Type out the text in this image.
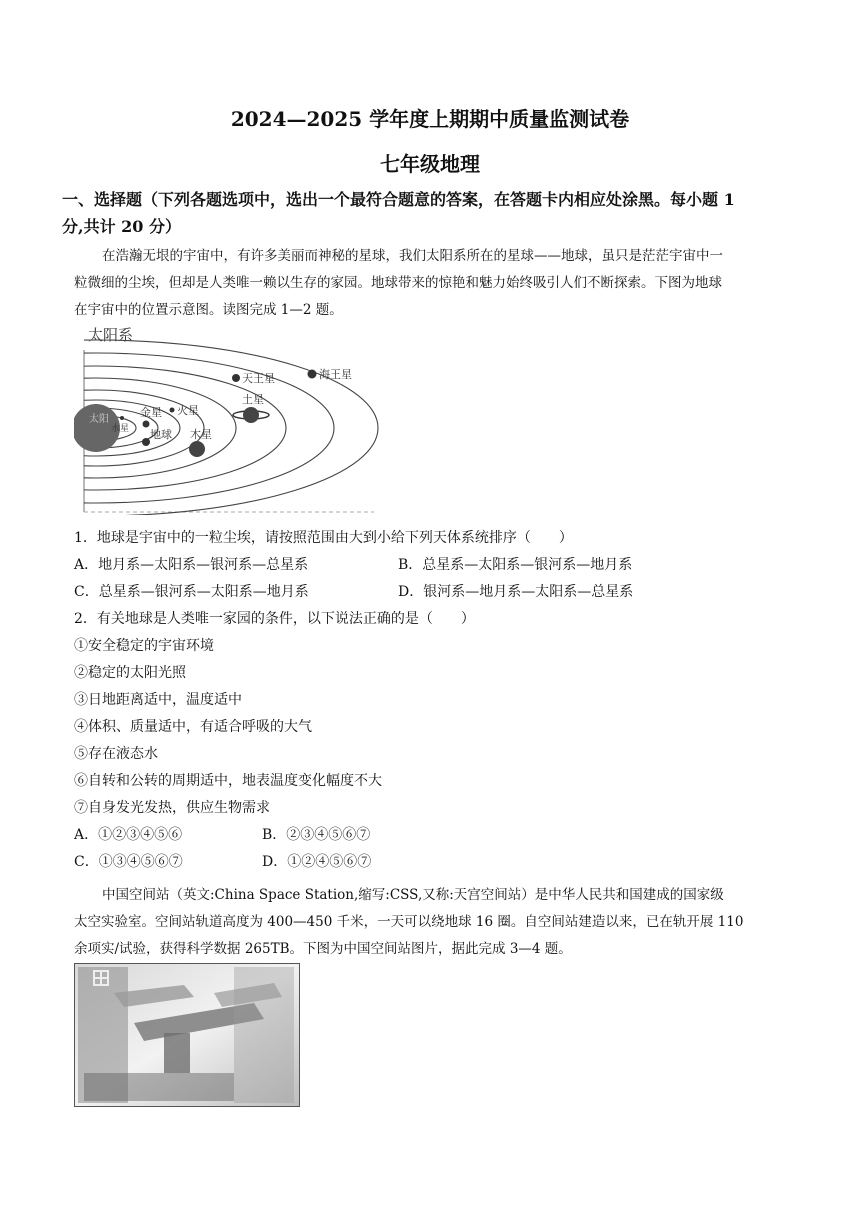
2024—2025 学年度上期期中质量监测试卷
七年级地理
一、选择题（下列各题选项中，选出一个最符合题意的答案，在答题卡内相应处涂黑。每小题 1
分,共计 20 分）
在浩瀚无垠的宇宙中，有许多美丽而神秘的星球，我们太阳系所在的星球——地球，虽只是茫茫宇宙中一
粒微细的尘埃，但却是人类唯一赖以生存的家园。地球带来的惊艳和魅力始终吸引人们不断探索。下图为地球
在宇宙中的位置示意图。读图完成 1—2 题。
太阳系
太阳
水星
金星
地球
火星
木星
土星
天王星	海王星
1．地球是宇宙中的一粒尘埃，请按照范围由大到小给下列天体系统排序（　　）
A．地月系—太阳系—银河系—总星系	B．总星系—太阳系—银河系—地月系
C．总星系—银河系—太阳系—地月系	D．银河系—地月系—太阳系—总星系
2．有关地球是人类唯一家园的条件，以下说法正确的是（　　）
①安全稳定的宇宙环境
②稳定的太阳光照
③日地距离适中，温度适中
④体积、质量适中，有适合呼吸的大气
⑤存在液态水
⑥自转和公转的周期适中，地表温度变化幅度不大
⑦自身发光发热，供应生物需求
A．①②③④⑤⑥	B．②③④⑤⑥⑦
C．①③④⑤⑥⑦	D．①②④⑤⑥⑦
中国空间站（英文:China Space Station,缩写:CSS,又称:天宫空间站）是中华人民共和国建成的国家级
太空实验室。空间站轨道高度为 400—450 千米，一天可以绕地球 16 圈。自空间站建造以来，已在轨开展 110
余项实/试验，获得科学数据 265TB。下图为中国空间站图片，据此完成 3—4 题。
